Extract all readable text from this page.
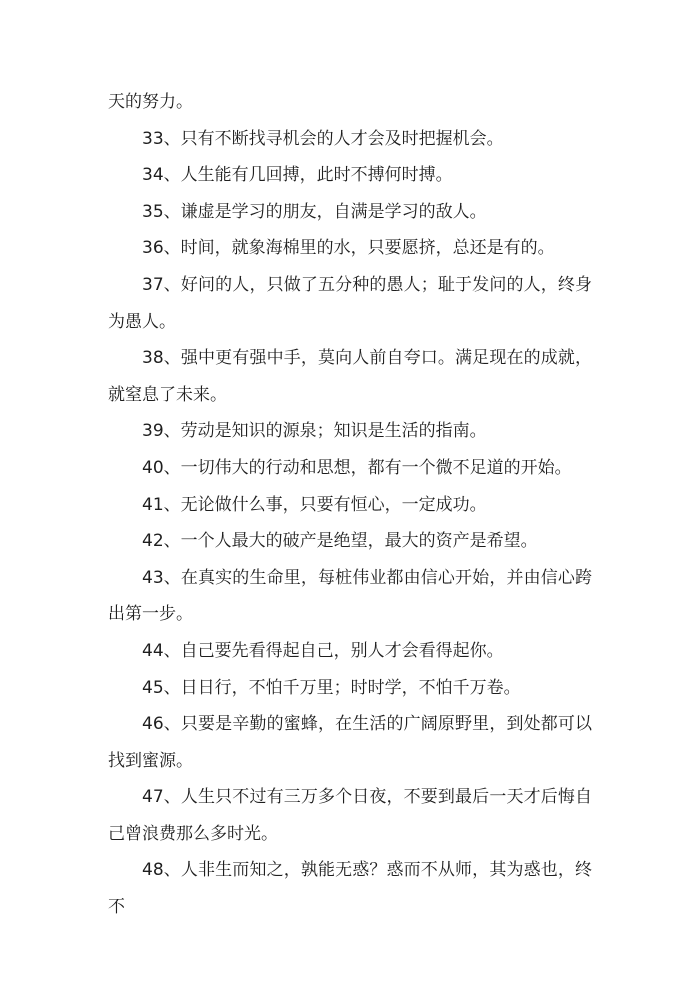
天的努力。

33、只有不断找寻机会的人才会及时把握机会。

34、人生能有几回搏，此时不搏何时搏。

35、谦虚是学习的朋友，自满是学习的敌人。

36、时间，就象海棉里的水，只要愿挤，总还是有的。

37、好问的人，只做了五分种的愚人；耻于发问的人，终身为愚人。

38、强中更有强中手，莫向人前自夸口。满足现在的成就，就窒息了未来。

39、劳动是知识的源泉；知识是生活的指南。

40、一切伟大的行动和思想，都有一个微不足道的开始。

41、无论做什么事，只要有恒心，一定成功。

42、一个人最大的破产是绝望，最大的资产是希望。

43、在真实的生命里，每桩伟业都由信心开始，并由信心跨出第一步。

44、自己要先看得起自己，别人才会看得起你。

45、日日行，不怕千万里；时时学，不怕千万卷。

46、只要是辛勤的蜜蜂，在生活的广阔原野里，到处都可以找到蜜源。

47、人生只不过有三万多个日夜，不要到最后一天才后悔自己曾浪费那么多时光。

48、人非生而知之，孰能无惑？惑而不从师，其为惑也，终不
